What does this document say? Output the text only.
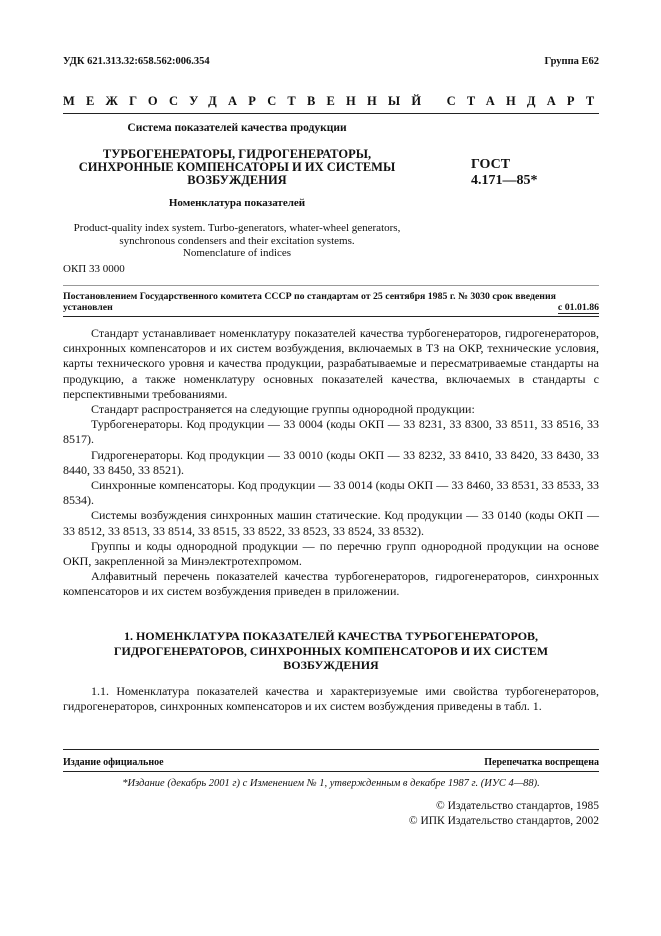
УДК 621.313.32:658.562:006.354	Группа Е62
МЕЖГОСУДАРСТВЕННЫЙ СТАНДАРТ
Система показателей качества продукции
ТУРБОГЕНЕРАТОРЫ, ГИДРОГЕНЕРАТОРЫ,
СИНХРОННЫЕ КОМПЕНСАТОРЫ И ИХ СИСТЕМЫ
ВОЗБУЖДЕНИЯ
ГОСТ
4.171—85*
Номенклатура показателей
Product-quality index system. Turbo-generators, whater-wheel generators,
synchronous condensers and their excitation systems.
Nomenclature of indices
ОКП 33 0000
Постановлением Государственного комитета СССР по стандартам от 25 сентября 1985 г. № 3030 срок введения
установлен	с 01.01.86
Стандарт устанавливает номенклатуру показателей качества турбогенераторов, гидрогенераторов, синхронных компенсаторов и их систем возбуждения, включаемых в ТЗ на ОКР, технические условия, карты технического уровня и качества продукции, разрабатываемые и пересматриваемые стандарты на продукцию, а также номенклатуру основных показателей качества, включаемых в стандарты с перспективными требованиями.
Стандарт распространяется на следующие группы однородной продукции:
Турбогенераторы. Код продукции — 33 0004 (коды ОКП — 33 8231, 33 8300, 33 8511, 33 8516, 33 8517).
Гидрогенераторы. Код продукции — 33 0010 (коды ОКП — 33 8232, 33 8410, 33 8420, 33 8430, 33 8440, 33 8450, 33 8521).
Синхронные компенсаторы. Код продукции — 33 0014 (коды ОКП — 33 8460, 33 8531, 33 8533, 33 8534).
Системы возбуждения синхронных машин статические. Код продукции — 33 0140 (коды ОКП — 33 8512, 33 8513, 33 8514, 33 8515, 33 8522, 33 8523, 33 8524, 33 8532).
Группы и коды однородной продукции — по перечню групп однородной продукции на основе ОКП, закрепленной за Минэлектротехпромом.
Алфавитный перечень показателей качества турбогенераторов, гидрогенераторов, синхронных компенсаторов и их систем возбуждения приведен в приложении.
1. НОМЕНКЛАТУРА ПОКАЗАТЕЛЕЙ КАЧЕСТВА ТУРБОГЕНЕРАТОРОВ,
ГИДРОГЕНЕРАТОРОВ, СИНХРОННЫХ КОМПЕНСАТОРОВ И ИХ СИСТЕМ
ВОЗБУЖДЕНИЯ
1.1. Номенклатура показателей качества и характеризуемые ими свойства турбогенераторов, гидрогенераторов, синхронных компенсаторов и их систем возбуждения приведены в табл. 1.
Издание официальное	Перепечатка воспрещена
*Издание (декабрь 2001 г) с Изменением № 1, утвержденным в декабре 1987 г. (ИУС 4—88).
© Издательство стандартов, 1985
© ИПК Издательство стандартов, 2002
